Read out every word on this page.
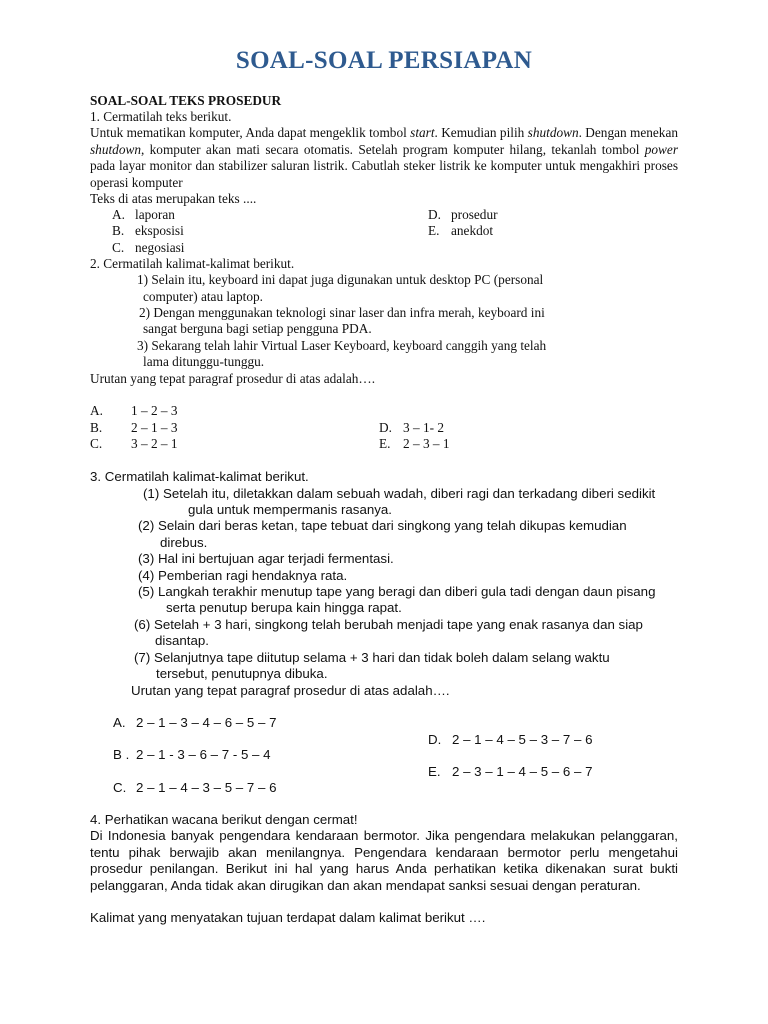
SOAL-SOAL PERSIAPAN
SOAL-SOAL TEKS PROSEDUR
1. Cermatilah teks berikut.
Untuk mematikan komputer, Anda dapat mengeklik tombol start. Kemudian pilih shutdown. Dengan menekan shutdown, komputer akan mati secara otomatis. Setelah program komputer hilang, tekanlah tombol power pada layar monitor dan stabilizer saluran listrik. Cabutlah steker listrik ke komputer untuk mengakhiri proses operasi komputer
Teks di atas merupakan teks ....
A. laporan
B. eksposisi
C. negosiasi
D. prosedur
E. anekdot
2. Cermatilah kalimat-kalimat berikut.
1) Selain itu, keyboard ini dapat juga digunakan untuk desktop PC (personal
computer) atau laptop.
2) Dengan menggunakan teknologi sinar laser dan infra merah, keyboard ini
sangat berguna bagi setiap pengguna PDA.
3) Sekarang telah lahir Virtual Laser Keyboard, keyboard canggih yang telah
lama ditunggu-tunggu.
Urutan yang tepat paragraf prosedur di atas adalah….
A. 1 – 2 – 3
B. 2 – 1 – 3
C. 3 – 2 – 1
D. 3 – 1- 2
E. 2 – 3 – 1
3. Cermatilah kalimat-kalimat berikut.
(1) Setelah itu, diletakkan dalam sebuah wadah, diberi ragi dan terkadang diberi sedikit
gula untuk mempermanis rasanya.
(2) Selain dari beras ketan, tape tebuat dari singkong yang telah dikupas kemudian
direbus.
(3) Hal ini bertujuan agar terjadi fermentasi.
(4) Pemberian ragi hendaknya rata.
(5) Langkah terakhir menutup tape yang beragi dan diberi gula tadi dengan daun pisang
serta penutup berupa kain hingga rapat.
(6) Setelah + 3 hari, singkong telah berubah menjadi tape yang enak rasanya dan siap
disantap.
(7) Selanjutnya tape diitutup selama + 3 hari dan tidak boleh dalam selang waktu
tersebut, penutupnya dibuka.
Urutan yang tepat paragraf prosedur di atas adalah….
A. 2 – 1 – 3 – 4 – 6 – 5 – 7
B . 2 – 1 - 3 – 6 – 7 - 5 – 4
C. 2 – 1 – 4 – 3 – 5 – 7 – 6
D. 2 – 1 – 4 – 5 – 3 – 7 – 6
E. 2 – 3 – 1 – 4 – 5 – 6 – 7
4. Perhatikan wacana berikut dengan cermat!
Di Indonesia banyak pengendara kendaraan bermotor. Jika pengendara melakukan pelanggaran, tentu pihak berwajib akan menilangnya. Pengendara kendaraan bermotor perlu mengetahui prosedur penilangan. Berikut ini hal yang harus Anda perhatikan ketika dikenakan surat bukti pelanggaran, Anda tidak akan dirugikan dan akan mendapat sanksi sesuai dengan peraturan.
Kalimat yang menyatakan tujuan terdapat dalam kalimat berikut ….
